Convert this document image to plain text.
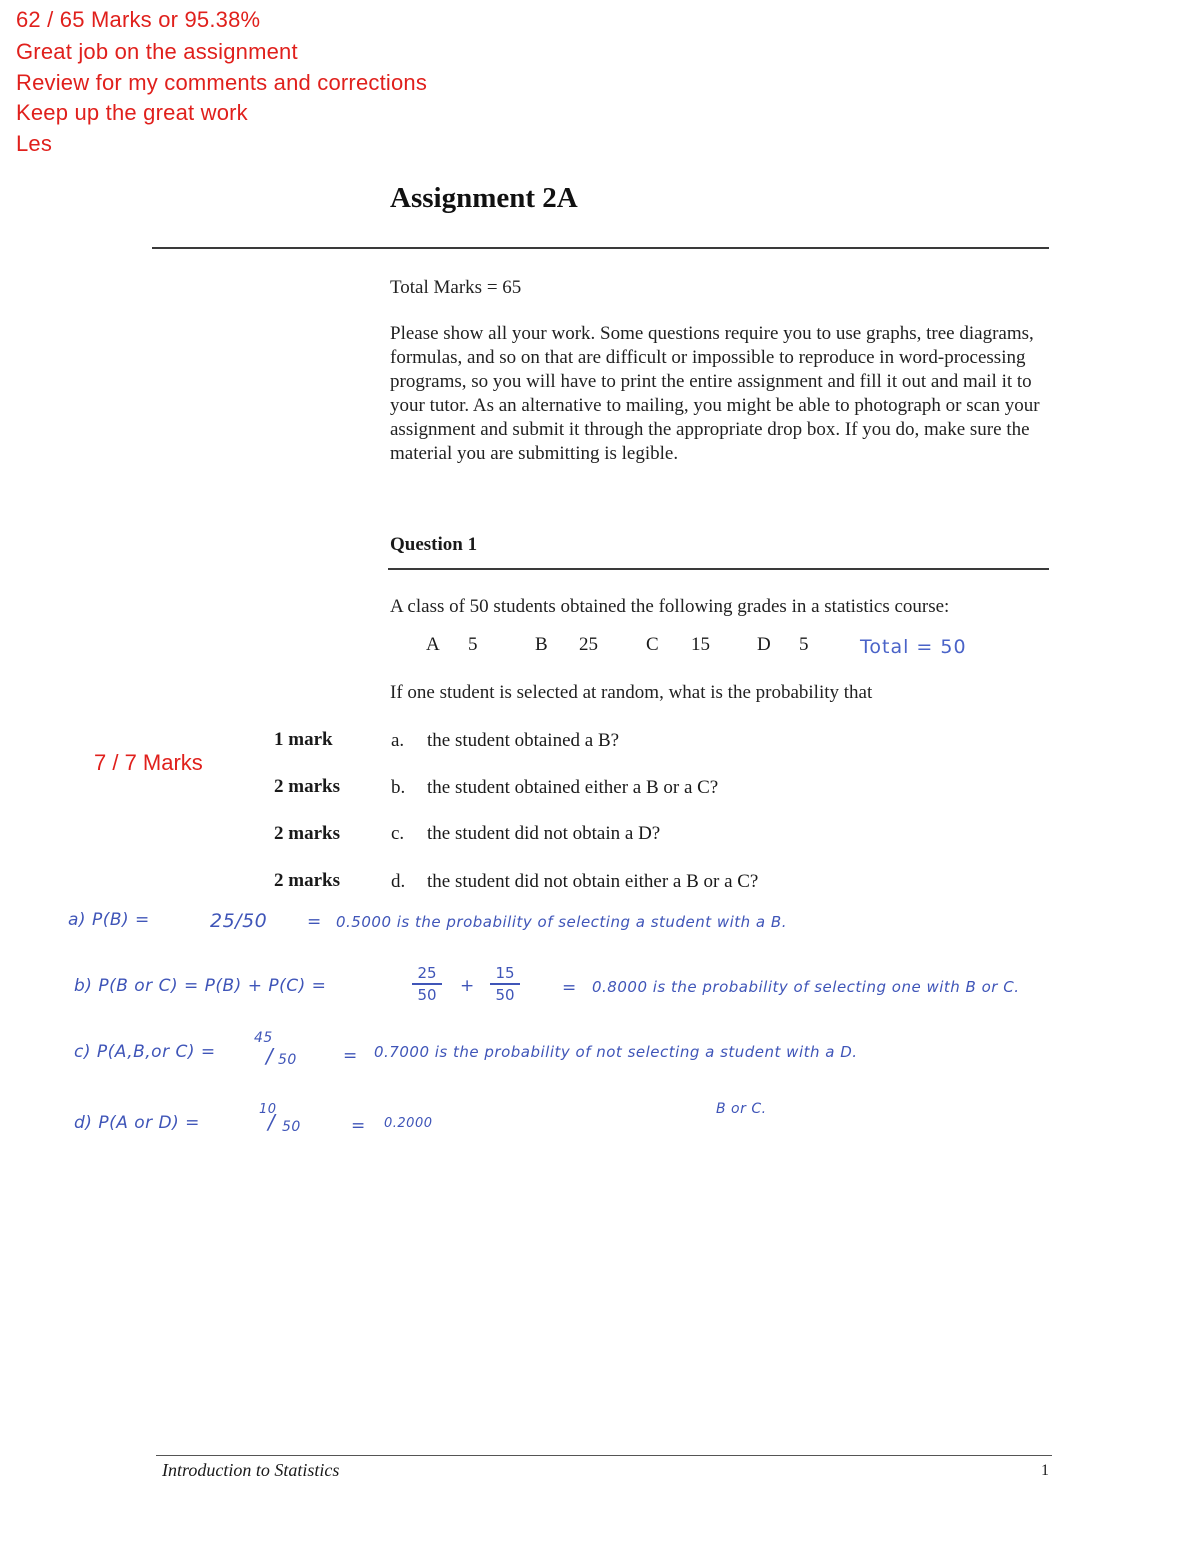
62 / 65 Marks or 95.38%
Great job on the assignment
Review for my comments and corrections
Keep up the great work
Les
Assignment 2A
Total Marks = 65
Please show all your work. Some questions require you to use graphs, tree diagrams, formulas, and so on that are difficult or impossible to reproduce in word-processing programs, so you will have to print the entire assignment and fill it out and mail it to your tutor. As an alternative to mailing, you might be able to photograph or scan your assignment and submit it through the appropriate drop box. If you do, make sure the material you are submitting is legible.
Question 1
A class of 50 students obtained the following grades in a statistics course:
A 5	B 25	C 15 D 5	Total = 50
If one student is selected at random, what is the probability that
7 / 7 Marks
1 mark	a. the student obtained a B?
2 marks	b. the student obtained either a B or a C?
2 marks	c. the student did not obtain a D?
2 marks	d. the student did not obtain either a B or a C?
a) P(B) =	25/50 = 0.5000 is the probability of selecting a student with a B.
b) P(B or C) = P(B) + P(C) =
25
50	+
15
50	= 0.8000 is the probability of selecting one with B or C.
c) P(A,B,or C) =
45
/ 50	= 0.7000 is the probability of not selecting a student with a D.
d) P(A or D) =
10
/ 50	= 0.2000
B or C.
Introduction to Statistics	1
